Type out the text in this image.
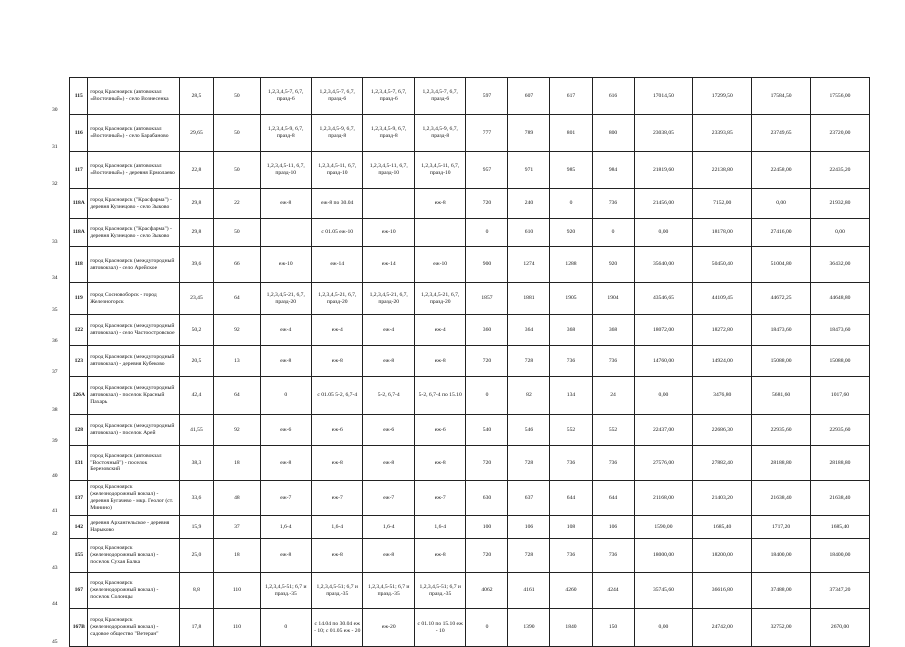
30	115	город Красноярск (автовокзал «Восточный») - село Вознесенка	28,5	50	1,2,3,4,5-7, 6,7, празд-6	1,2,3,4,5-7, 6,7, празд-6	1,2,3,4,5-7, 6,7, празд-6	1,2,3,4,5-7, 6,7, празд-6	597	607	617	616	17014,50	17299,50	17584,50	17556,00
31	116	город Красноярск (автовокзал «Восточный») - село Барабаново	29,65	50	1,2,3,4,5-9, 6,7, празд-8	1,2,3,4,5-9, 6,7, празд-8	1,2,3,4,5-9, 6,7, празд-8	1,2,3,4,5-9, 6,7, празд-8	777	789	801	800	23038,05	23393,85	23749,65	23720,00
32	117	город Красноярск (автовокзал «Восточный») - деревня Ермолаево	22,8	50	1,2,3,4,5-11, 6,7, празд-10	1,2,3,4,5-11, 6,7, празд-10	1,2,3,4,5-11, 6,7, празд-10	1,2,3,4,5-11, 6,7, празд-10	957	971	985	984	21819,60	22138,80	22458,00	22435,20
	118А	город Красноярск ("Красфарма") - деревня Кузнецово - село Зыково	29,8	22	еж-8	еж-8 по 30.04		еж-8	720	240	0	736	21456,00	7152,00	0,00	21932,80
33	118А	город Красноярск ("Красфарма") - деревня Кузнецово - село Зыково	29,8	50		с 01.05 еж-10	еж-10		0	610	920	0	0,00	18178,00	27416,00	0,00
34	118	город Красноярск (междугородный автовокзал) - село Арейское	39,6	66	еж-10	еж-14	еж-14	еж-10	900	1274	1288	920	35640,00	50450,40	51004,80	36432,00
35	119	город Сосновоборск - город Железногорск	23,45	64	1,2,3,4,5-21, 6,7, празд-20	1,2,3,4,5-21, 6,7, празд-20	1,2,3,4,5-21, 6,7, празд-20	1,2,3,4,5-21, 6,7, празд-20	1857	1881	1905	1904	43546,65	44109,45	44672,25	44648,80
36	122	город Красноярск (междугородный автовокзал) - село Частоостровское	50,2	92	еж-4	еж-4	еж-4	еж-4	360	364	368	368	18072,00	18272,80	18473,60	18473,60
37	123	город Красноярск (междугородный автовокзал) - деревня Кубеково	20,5	13	еж-8	еж-8	еж-8	еж-8	720	728	736	736	14760,00	14924,00	15088,00	15088,00
38	126А	город Красноярск (междугородный автовокзал) - поселок Красный Пахарь	42,4	64	0	с 01.05 5-2, 6,7-4	5-2, 6,7-4	5-2, 6,7-4 по 15.10	0	82	134	24	0,00	3476,80	5681,60	1017,60
39	128	город Красноярск (междугородный автовокзал) - поселок Арей	41,55	92	еж-6	еж-6	еж-6	еж-6	540	546	552	552	22437,00	22686,30	22935,60	22935,60
40	131	город Красноярск (автовокзал "Восточный") - поселок Березовский	38,3	18	еж-8	еж-8	еж-8	еж-8	720	728	736	736	27576,00	27882,40	28188,80	28188,80
41	137	город Красноярск (железнодорожный вокзал) - деревня Бугачево - мкр. Геолог (ст. Минино)	33,6	48	еж-7	еж-7	еж-7	еж-7	630	637	644	644	21168,00	21403,20	21638,40	21638,40
42	142	деревня Архангельское - деревня Нарыково	15,9	37	1,6-4	1,6-4	1,6-4	1,6-4	100	106	108	106	1590,00	1685,40	1717,20	1685,40
43	155	город Красноярск (железнодорожный вокзал) - поселок Сухая Балка	25,0	18	еж-8	еж-8	еж-8	еж-8	720	728	736	736	18000,00	18200,00	18400,00	18400,00
44	167	город Красноярск (железнодорожный вокзал) - поселок Солонцы	8,8	110	1,2,3,4,5-51; 6,7 и празд.-35	1,2,3,4,5-51; 6,7 и празд.-35	1,2,3,4,5-51; 6,7 и празд.-35	1,2,3,4,5-51; 6,7 и празд.-35	4062	4161	4260	4244	35745,60	36616,80	37488,00	37347,20
45	167В	город Красноярск (железнодорожный вокзал) - садовое общество "Ветеран"	17,8	110	0	с 14.04 по 30.04 еж - 10; с 01.05 еж - 20	еж-20	с 01.10 по 15.10 еж - 10	0	1390	1840	150	0,00	24742,00	32752,00	2670,00
